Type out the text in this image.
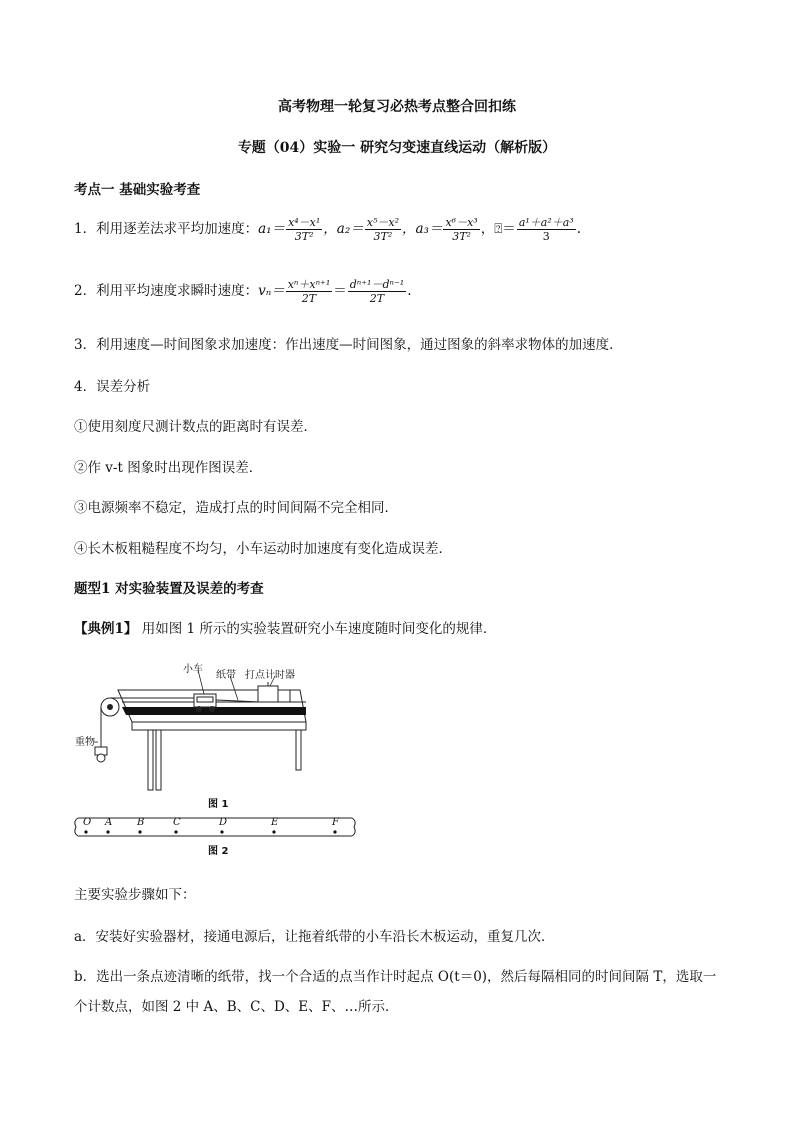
高考物理一轮复习必热考点整合回扣练
专题（04）实验一 研究匀变速直线运动（解析版）
考点一 基础实验考查
1．利用逐差法求平均加速度：$a_1= \frac{\text{x⁴－x¹}}{\text{3T²}}$ ，$a_2= \frac{\text{x⁵－x²}}{\text{3T²}}$ ，$a_3= \frac{\text{x⁶－x³}}{\text{3T²}}$ ，⍰＝ $\frac{\text{a¹＋a²＋a³}}{3}$ .
2．利用平均速度求瞬时速度：$v_n= \frac{\text{xⁿ＋xⁿ⁺¹}}{2T} = \frac{\text{dⁿ⁺¹－dⁿ⁻¹}}{2T}$ .
3．利用速度—时间图象求加速度：作出速度—时间图象，通过图象的斜率求物体的加速度．
4．误差分析
①使用刻度尺测计数点的距离时有误差．
②作 v-t 图象时出现作图误差．
③电源频率不稳定，造成打点的时间间隔不完全相同．
④长木板粗糙程度不均匀，小车运动时加速度有变化造成误差．
题型1 对实验装置及误差的考查
【典例1】 用如图 1 所示的实验装置研究小车速度随时间变化的规律．
小车
纸带 打点计时器
重物
图 1
O A B	C	D	E	F
图 2
主要实验步骤如下：
a．安装好实验器材，接通电源后，让拖着纸带的小车沿长木板运动，重复几次．
b．选出一条点迹清晰的纸带，找一个合适的点当作计时起点 O(t＝0)，然后每隔相同的时间间隔 T，选取一
个计数点，如图 2 中 A、B、C、D、E、F、…所示．
